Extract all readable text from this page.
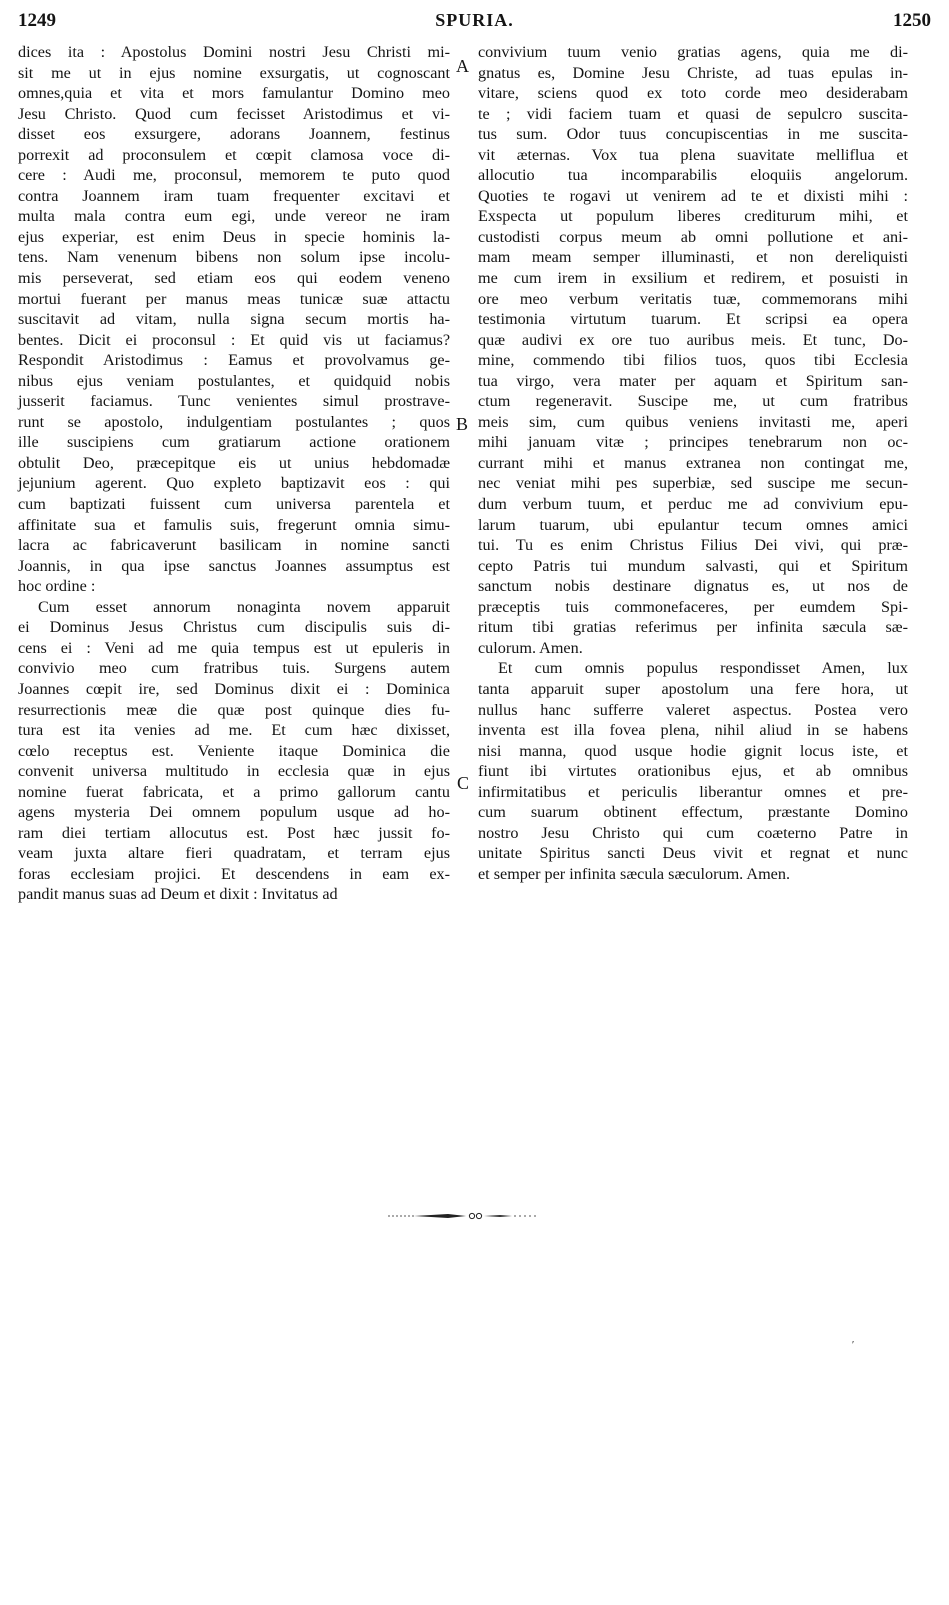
1249	SPURIA.	1250
A
B
C
dices ita : Apostolus Domini nostri Jesu Christi mi-
sit me ut in ejus nomine exsurgatis, ut cognoscant
omnes,quia et vita et mors famulantur Domino meo
Jesu Christo. Quod cum fecisset Aristodimus et vi-
disset eos exsurgere, adorans Joannem, festinus
porrexit ad proconsulem et cœpit clamosa voce di-
cere : Audi me, proconsul, memorem te puto quod
contra Joannem iram tuam frequenter excitavi et
multa mala contra eum egi, unde vereor ne iram
ejus experiar, est enim Deus in specie hominis la-
tens. Nam venenum bibens non solum ipse incolu-
mis perseverat, sed etiam eos qui eodem veneno
mortui fuerant per manus meas tunicæ suæ attactu
suscitavit ad vitam, nulla signa secum mortis ha-
bentes. Dicit ei proconsul : Et quid vis ut faciamus?
Respondit Aristodimus : Eamus et provolvamus ge-
nibus ejus veniam postulantes, et quidquid nobis
jusserit faciamus. Tunc venientes simul prostrave-
runt se apostolo, indulgentiam postulantes ; quos
ille suscipiens cum gratiarum actione orationem
obtulit Deo, præcepitque eis ut unius hebdomadæ
jejunium agerent. Quo expleto baptizavit eos : qui
cum baptizati fuissent cum universa parentela et
affinitate sua et famulis suis, fregerunt omnia simu-
lacra ac fabricaverunt basilicam in nomine sancti
Joannis, in qua ipse sanctus Joannes assumptus est
hoc ordine :
Cum esset annorum nonaginta novem apparuit
ei Dominus Jesus Christus cum discipulis suis di-
cens ei : Veni ad me quia tempus est ut epuleris in
convivio meo cum fratribus tuis. Surgens autem
Joannes cœpit ire, sed Dominus dixit ei : Dominica
resurrectionis meæ die quæ post quinque dies fu-
tura est ita venies ad me. Et cum hæc dixisset,
cœlo receptus est. Veniente itaque Dominica die
convenit universa multitudo in ecclesia quæ in ejus
nomine fuerat fabricata, et a primo gallorum cantu
agens mysteria Dei omnem populum usque ad ho-
ram diei tertiam allocutus est. Post hæc jussit fo-
veam juxta altare fieri quadratam, et terram ejus
foras ecclesiam projici. Et descendens in eam ex-
pandit manus suas ad Deum et dixit : Invitatus ad
convivium tuum venio gratias agens, quia me di-
gnatus es, Domine Jesu Christe, ad tuas epulas in-
vitare, sciens quod ex toto corde meo desiderabam
te ; vidi faciem tuam et quasi de sepulcro suscita-
tus sum. Odor tuus concupiscentias in me suscita-
vit æternas. Vox tua plena suavitate melliflua et
allocutio tua incomparabilis eloquiis angelorum.
Quoties te rogavi ut venirem ad te et dixisti mihi :
Exspecta ut populum liberes crediturum mihi, et
custodisti corpus meum ab omni pollutione et ani-
mam meam semper illuminasti, et non dereliquisti
me cum irem in exsilium et redirem, et posuisti in
ore meo verbum veritatis tuæ, commemorans mihi
testimonia virtutum tuarum. Et scripsi ea opera
quæ audivi ex ore tuo auribus meis. Et tunc, Do-
mine, commendo tibi filios tuos, quos tibi Ecclesia
tua virgo, vera mater per aquam et Spiritum san-
ctum regeneravit. Suscipe me, ut cum fratribus
meis sim, cum quibus veniens invitasti me, aperi
mihi januam vitæ ; principes tenebrarum non oc-
currant mihi et manus extranea non contingat me,
nec veniat mihi pes superbiæ, sed suscipe me secun-
dum verbum tuum, et perduc me ad convivium epu-
larum tuarum, ubi epulantur tecum omnes amici
tui. Tu es enim Christus Filius Dei vivi, qui præ-
cepto Patris tui mundum salvasti, qui et Spiritum
sanctum nobis destinare dignatus es, ut nos de
præceptis tuis commonefaceres, per eumdem Spi-
ritum tibi gratias referimus per infinita sæcula sæ-
culorum. Amen.
Et cum omnis populus respondisset Amen, lux
tanta apparuit super apostolum una fere hora, ut
nullus hanc sufferre valeret aspectus. Postea vero
inventa est illa fovea plena, nihil aliud in se habens
nisi manna, quod usque hodie gignit locus iste, et
fiunt ibi virtutes orationibus ejus, et ab omnibus
infirmitatibus et periculis liberantur omnes et pre-
cum suarum obtinent effectum, præstante Domino
nostro Jesu Christo qui cum coæterno Patre in
unitate Spiritus sancti Deus vivit et regnat et nunc
et semper per infinita sæcula sæculorum. Amen.
′
